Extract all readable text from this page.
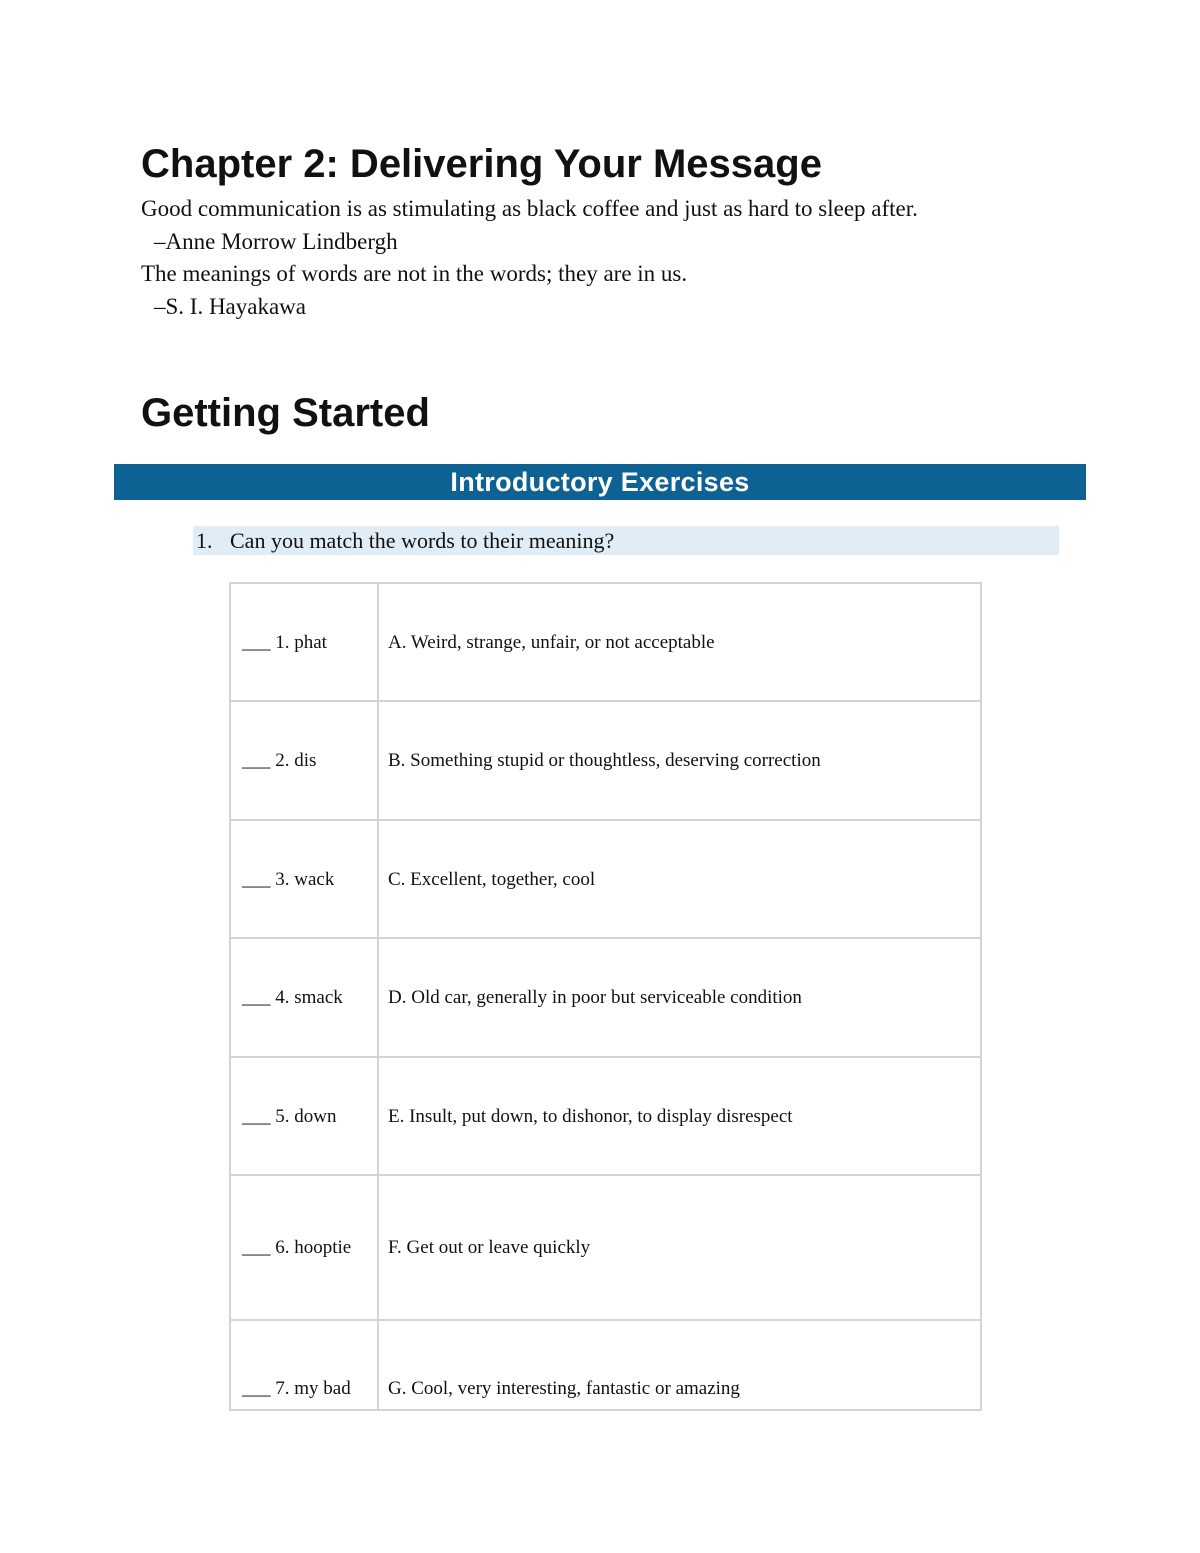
Chapter 2: Delivering Your Message
Good communication is as stimulating as black coffee and just as hard to sleep after.
–Anne Morrow Lindbergh
The meanings of words are not in the words; they are in us.
–S. I. Hayakawa
Getting Started
Introductory Exercises
1. Can you match the words to their meaning?
___ 1. phat	A. Weird, strange, unfair, or not acceptable
___ 2. dis	B. Something stupid or thoughtless, deserving correction
___ 3. wack	C. Excellent, together, cool
___ 4. smack	D. Old car, generally in poor but serviceable condition
___ 5. down	E. Insult, put down, to dishonor, to display disrespect
___ 6. hooptie	F. Get out or leave quickly
___ 7. my bad	G. Cool, very interesting, fantastic or amazing
